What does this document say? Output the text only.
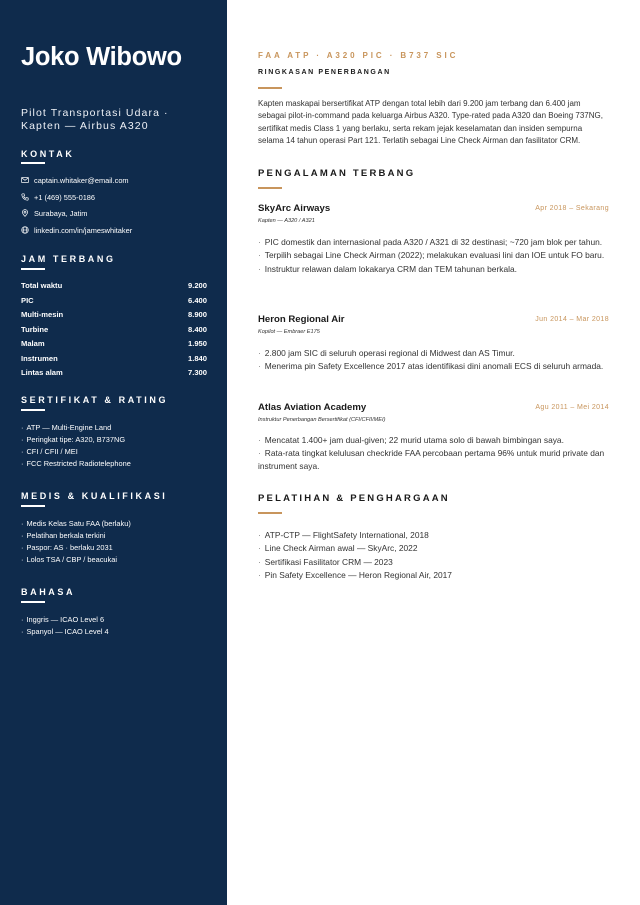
Joko Wibowo
Pilot Transportasi Udara · Kapten — Airbus A320
KONTAK
captain.whitaker@email.com
+1 (469) 555-0186
Surabaya, Jatim
linkedin.com/in/jameswhitaker
JAM TERBANG
Total waktu	9.200
PIC	6.400
Multi-mesin	8.900
Turbine	8.400
Malam	1.950
Instrumen	1.840
Lintas alam	7.300
SERTIFIKAT & RATING
· ATP — Multi-Engine Land
· Peringkat tipe: A320, B737NG
· CFI / CFII / MEI
· FCC Restricted Radiotelephone
MEDIS & KUALIFIKASI
· Medis Kelas Satu FAA (berlaku)
· Pelatihan berkala terkini
· Paspor: AS · berlaku 2031
· Lolos TSA / CBP / beacukai
BAHASA
· Inggris — ICAO Level 6
· Spanyol — ICAO Level 4
FAA ATP · A320 PIC · B737 SIC
RINGKASAN PENERBANGAN

Kapten maskapai bersertifikat ATP dengan total lebih dari 9.200 jam terbang dan 6.400 jam sebagai pilot-in-command pada keluarga Airbus A320. Type-rated pada A320 dan Boeing 737NG, sertifikat medis Class 1 yang berlaku, serta rekam jejak keselamatan dan insiden sempurna selama 14 tahun operasi Part 121. Terlatih sebagai Line Check Airman dan fasilitator CRM.

PENGALAMAN TERBANG
SkyArc Airways	Apr 2018 – Sekarang
Kapten — A320 / A321
· PIC domestik dan internasional pada A320 / A321 di 32 destinasi; ~720 jam blok per tahun.
· Terpilih sebagai Line Check Airman (2022); melakukan evaluasi lini dan IOE untuk FO baru.
· Instruktur relawan dalam lokakarya CRM dan TEM tahunan berkala.
Heron Regional Air	Jun 2014 – Mar 2018
Kopilot — Embraer E175
· 2.800 jam SIC di seluruh operasi regional di Midwest dan AS Timur.
· Menerima pin Safety Excellence 2017 atas identifikasi dini anomali ECS di seluruh armada.
Atlas Aviation Academy	Agu 2011 – Mei 2014
Instruktur Penerbangan Bersertifikat (CFI/CFII/MEI)
· Mencatat 1.400+ jam dual-given; 22 murid utama solo di bawah bimbingan saya.
· Rata-rata tingkat kelulusan checkride FAA percobaan pertama 96% untuk murid private dan instrument saya.
PELATIHAN & PENGHARGAAN
· ATP-CTP — FlightSafety International, 2018
· Line Check Airman awal — SkyArc, 2022
· Sertifikasi Fasilitator CRM — 2023
· Pin Safety Excellence — Heron Regional Air, 2017
